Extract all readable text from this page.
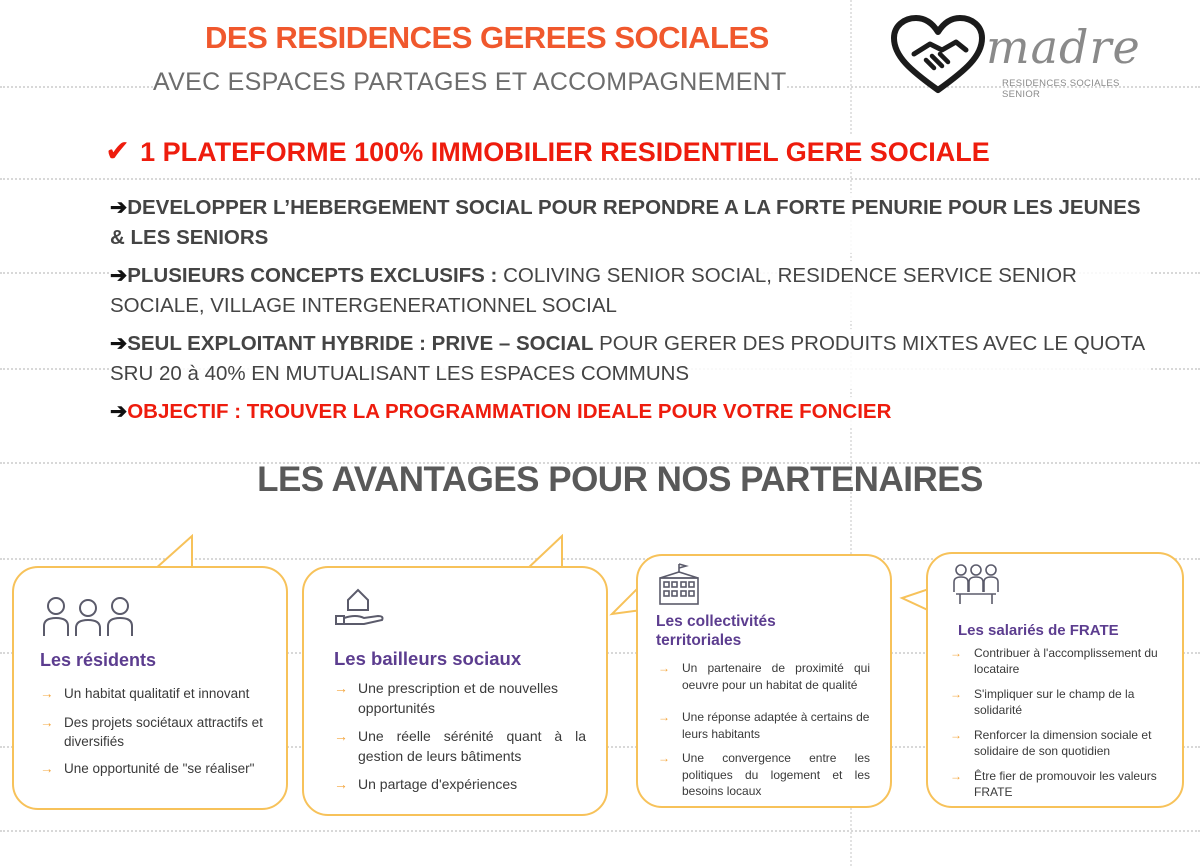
DES RESIDENCES GEREES SOCIALES
AVEC ESPACES PARTAGES ET ACCOMPAGNEMENT
madre
RESIDENCES SOCIALES SENIOR
✔ 1 PLATEFORME 100% IMMOBILIER RESIDENTIEL GERE SOCIALE
➔DEVELOPPER L’HEBERGEMENT SOCIAL POUR REPONDRE A LA FORTE PENURIE POUR LES JEUNES & LES SENIORS
➔PLUSIEURS CONCEPTS EXCLUSIFS : COLIVING SENIOR SOCIAL, RESIDENCE SERVICE SENIOR SOCIALE, VILLAGE INTERGENERATIONNEL SOCIAL
➔SEUL EXPLOITANT HYBRIDE : PRIVE – SOCIAL POUR GERER DES PRODUITS MIXTES AVEC LE QUOTA SRU 20 à 40% EN MUTUALISANT LES ESPACES COMMUNS
➔OBJECTIF : TROUVER LA PROGRAMMATION IDEALE POUR VOTRE FONCIER
LES AVANTAGES POUR NOS PARTENAIRES
Les résidents
→ Un habitat qualitatif et innovant
→ Des projets sociétaux attractifs et diversifiés
→ Une opportunité de "se réaliser"
Les bailleurs sociaux
→ Une prescription et de nouvelles opportunités
→ Une réelle sérénité quant à la gestion de leurs bâtiments
→ Un partage d'expériences
Les collectivités territoriales
→ Un partenaire de proximité qui oeuvre pour un habitat de qualité
→ Une réponse adaptée à certains de leurs habitants
→ Une convergence entre les politiques du logement et les besoins locaux
Les salariés de FRATE
→ Contribuer à l'accomplissement du locataire
→ S'impliquer sur le champ de la solidarité
→ Renforcer la dimension sociale et solidaire de son quotidien
→ Être fier de promouvoir les valeurs FRATE
